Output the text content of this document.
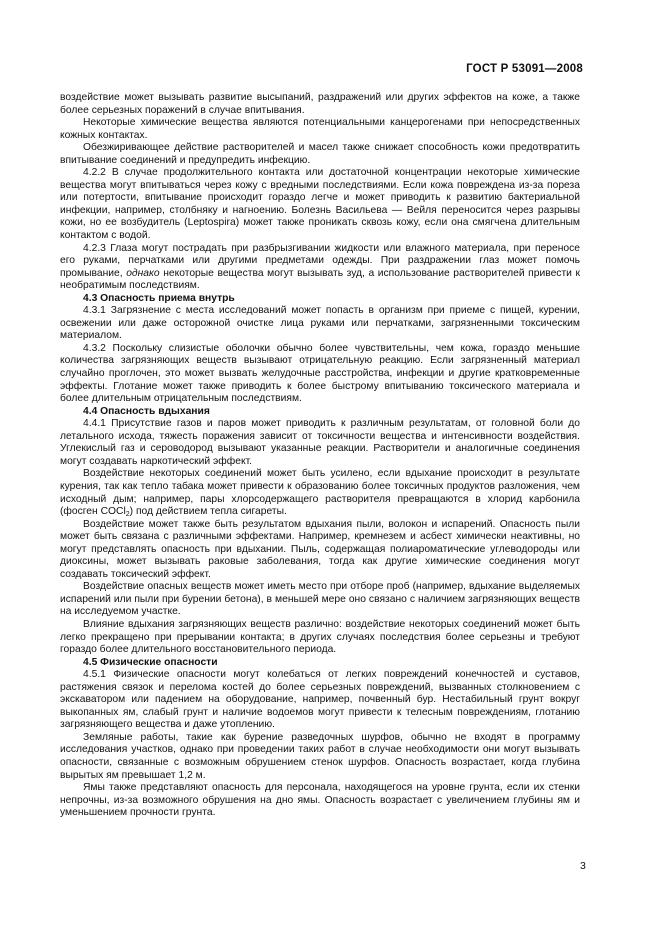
ГОСТ Р 53091—2008

воздействие может вызывать развитие высыпаний, раздражений или других эффектов на коже, а также более серьезных поражений в случае впитывания.

Некоторые химические вещества являются потенциальными канцерогенами при непосредственных кожных контактах.

Обезжиривающее действие растворителей и масел также снижает способность кожи предотвратить впитывание соединений и предупредить инфекцию.

4.2.2 В случае продолжительного контакта или достаточной концентрации некоторые химические вещества могут впитываться через кожу с вредными последствиями. Если кожа повреждена из-за пореза или потертости, впитывание происходит гораздо легче и может приводить к развитию бактериальной инфекции, например, столбняку и нагноению. Болезнь Васильева — Вейля переносится через разрывы кожи, но ее возбудитель (Leptospira) может также проникать сквозь кожу, если она смягчена длительным контактом с водой.

4.2.3 Глаза могут пострадать при разбрызгивании жидкости или влажного материала, при переносе его руками, перчатками или другими предметами одежды. При раздражении глаз может помочь промывание, однако некоторые вещества могут вызывать зуд, а использование растворителей привести к необратимым последствиям.

4.3 Опасность приема внутрь

4.3.1 Загрязнение с места исследований может попасть в организм при приеме с пищей, курении, освежении или даже осторожной очистке лица руками или перчатками, загрязненными токсическим материалом.

4.3.2 Поскольку слизистые оболочки обычно более чувствительны, чем кожа, гораздо меньшие количества загрязняющих веществ вызывают отрицательную реакцию. Если загрязненный материал случайно проглочен, это может вызвать желудочные расстройства, инфекции и другие кратковременные эффекты. Глотание может также приводить к более быстрому впитыванию токсического материала и более длительным отрицательным последствиям.

4.4 Опасность вдыхания

4.4.1 Присутствие газов и паров может приводить к различным результатам, от головной боли до летального исхода, тяжесть поражения зависит от токсичности вещества и интенсивности воздействия. Углекислый газ и сероводород вызывают указанные реакции. Растворители и аналогичные соединения могут создавать наркотический эффект.

Воздействие некоторых соединений может быть усилено, если вдыхание происходит в результате курения, так как тепло табака может привести к образованию более токсичных продуктов разложения, чем исходный дым; например, пары хлорсодержащего растворителя превращаются в хлорид карбонила (фосген COCl$_2$) под действием тепла сигареты.

Воздействие может также быть результатом вдыхания пыли, волокон и испарений. Опасность пыли может быть связана с различными эффектами. Например, кремнезем и асбест химически неактивны, но могут представлять опасность при вдыхании. Пыль, содержащая полиароматические углеводороды или диоксины, может вызывать раковые заболевания, тогда как другие химические соединения могут создавать токсический эффект.

Воздействие опасных веществ может иметь место при отборе проб (например, вдыхание выделяемых испарений или пыли при бурении бетона), в меньшей мере оно связано с наличием загрязняющих веществ на исследуемом участке.

Влияние вдыхания загрязняющих веществ различно: воздействие некоторых соединений может быть легко прекращено при прерывании контакта; в других случаях последствия более серьезны и требуют гораздо более длительного восстановительного периода.

4.5 Физические опасности

4.5.1 Физические опасности могут колебаться от легких повреждений конечностей и суставов, растяжения связок и перелома костей до более серьезных повреждений, вызванных столкновением с экскаватором или падением на оборудование, например, почвенный бур. Нестабильный грунт вокруг выкопанных ям, слабый грунт и наличие водоемов могут привести к телесным повреждениям, глотанию загрязняющего вещества и даже утоплению.

Земляные работы, такие как бурение разведочных шурфов, обычно не входят в программу исследования участков, однако при проведении таких работ в случае необходимости они могут вызывать опасности, связанные с возможным обрушением стенок шурфов. Опасность возрастает, когда глубина вырытых ям превышает 1,2 м.

Ямы также представляют опасность для персонала, находящегося на уровне грунта, если их стенки непрочны, из-за возможного обрушения на дно ямы. Опасность возрастает с увеличением глубины ям и уменьшением прочности грунта.

3
